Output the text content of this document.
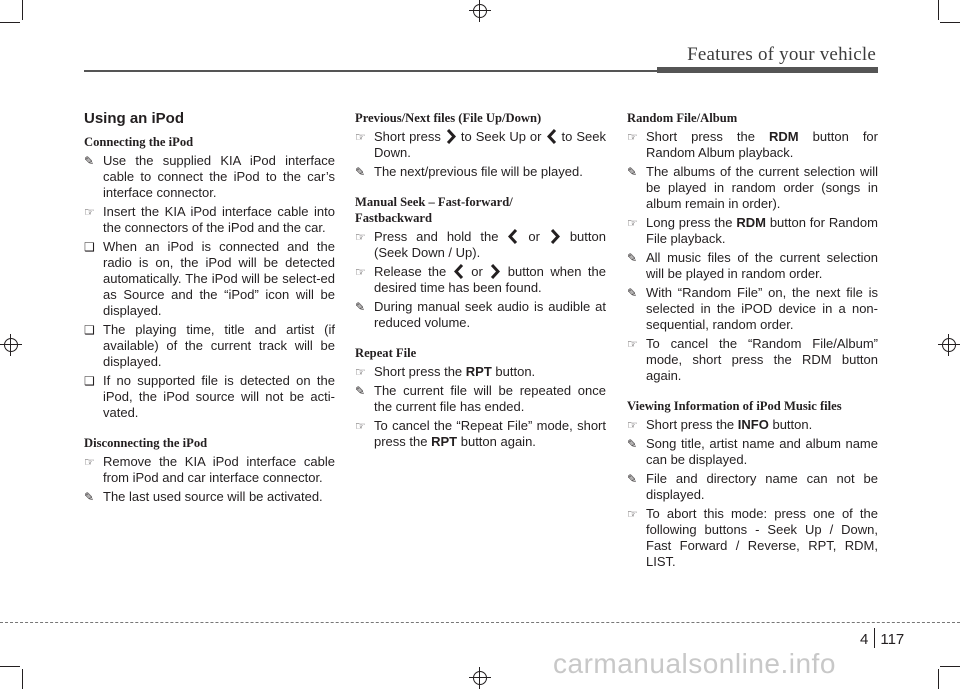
Features of your vehicle
Using an iPod
Connecting the iPod
✎ Use the supplied KIA iPod interface cable to connect the iPod to the car’s interface connector.
☞ Insert the KIA iPod interface cable into the connectors of the iPod and the car.
❑ When an iPod is connected and the radio is on, the iPod will be detected automatically. The iPod will be select-ed as Source and the “iPod” icon will be displayed.
❑ The playing time, title and artist (if available) of the current track will be displayed.
❑ If no supported file is detected on the iPod, the iPod source will not be acti-vated.
Disconnecting the iPod
☞ Remove the KIA iPod interface cable from iPod and car interface connector.
✎ The last used source will be activated.
Previous/Next files (File Up/Down)
☞ Short press to Seek Up or to Seek Down.
✎ The next/previous file will be played.
Manual Seek – Fast-forward/
Fastbackward
☞ Press and hold the or button (Seek Down / Up).
☞ Release the or button when the desired time has been found.
✎ During manual seek audio is audible at reduced volume.
Repeat File
☞ Short press the RPT button.
✎ The current file will be repeated once the current file has ended.
☞ To cancel the “Repeat File” mode, short press the RPT button again.
Random File/Album
☞ Short press the RDM button for Random Album playback.
✎ The albums of the current selection will be played in random order (songs in album remain in order).
☞ Long press the RDM button for Random File playback.
✎ All music files of the current selection will be played in random order.
✎ With “Random File” on, the next file is selected in the iPOD device in a non-sequential, random order.
☞ To cancel the “Random File/Album” mode, short press the RDM button again.
Viewing Information of iPod Music files
☞ Short press the INFO button.
✎ Song title, artist name and album name can be displayed.
✎ File and directory name can not be displayed.
☞ To abort this mode: press one of the following buttons - Seek Up / Down, Fast Forward / Reverse, RPT, RDM, LIST.
4 117
carmanualsonline.info
